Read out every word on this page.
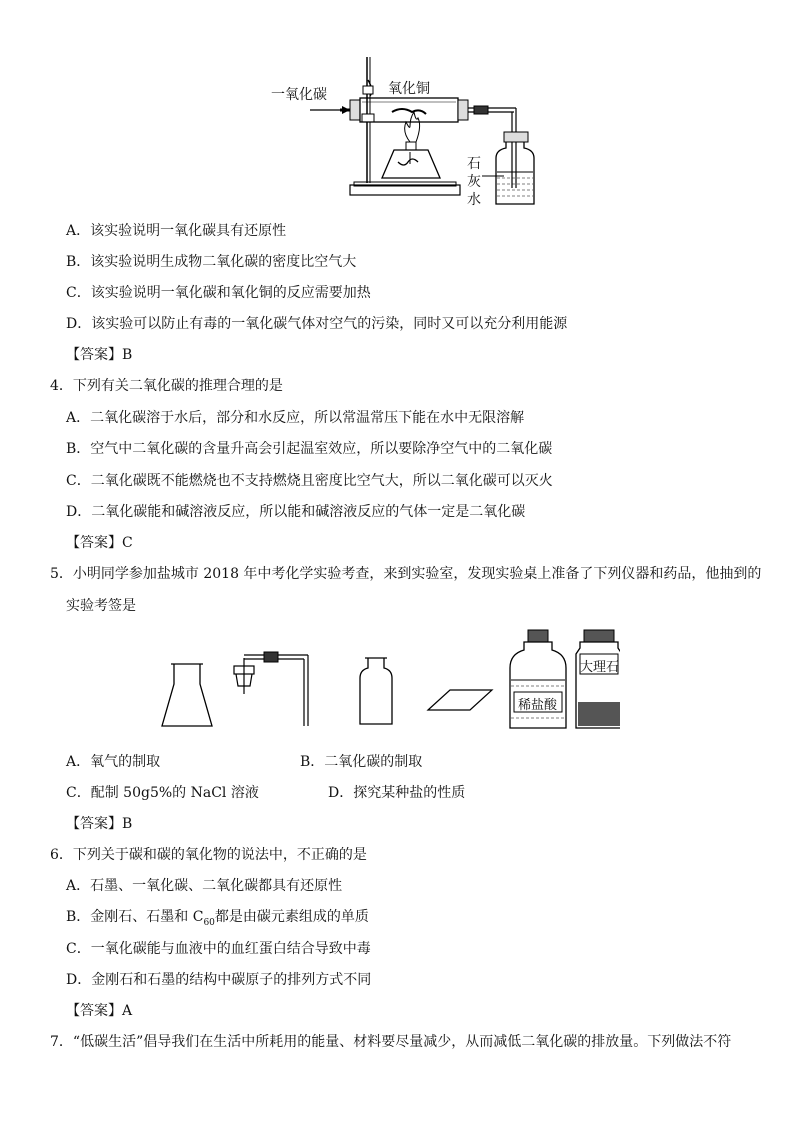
一氧化碳	氧化铜
石
灰
水
A．该实验说明一氧化碳具有还原性
B．该实验说明生成物二氧化碳的密度比空气大
C．该实验说明一氧化碳和氧化铜的反应需要加热
D．该实验可以防止有毒的一氧化碳气体对空气的污染，同时又可以充分利用能源
【答案】B
4．下列有关二氧化碳的推理合理的是
A．二氧化碳溶于水后，部分和水反应，所以常温常压下能在水中无限溶解
B．空气中二氧化碳的含量升高会引起温室效应，所以要除净空气中的二氧化碳
C．二氧化碳既不能燃烧也不支持燃烧且密度比空气大，所以二氧化碳可以灭火
D．二氧化碳能和碱溶液反应，所以能和碱溶液反应的气体一定是二氧化碳
【答案】C
5．小明同学参加盐城市 2018 年中考化学实验考查，来到实验室，发现实验桌上准备了下列仪器和药品，他抽到的
实验考签是
稀盐酸
大理石
A．氧气的制取	B．二氧化碳的制取
C．配制 50g5%的 NaCl 溶液	D．探究某种盐的性质
【答案】B
6．下列关于碳和碳的氧化物的说法中，不正确的是
A．石墨、一氧化碳、二氧化碳都具有还原性
B．金刚石、石墨和 $C_{60}$都是由碳元素组成的单质
C．一氧化碳能与血液中的血红蛋白结合导致中毒
D．金刚石和石墨的结构中碳原子的排列方式不同
【答案】A
7．“低碳生活”倡导我们在生活中所耗用的能量、材料要尽量减少，从而减低二氧化碳的排放量。下列做法不符
